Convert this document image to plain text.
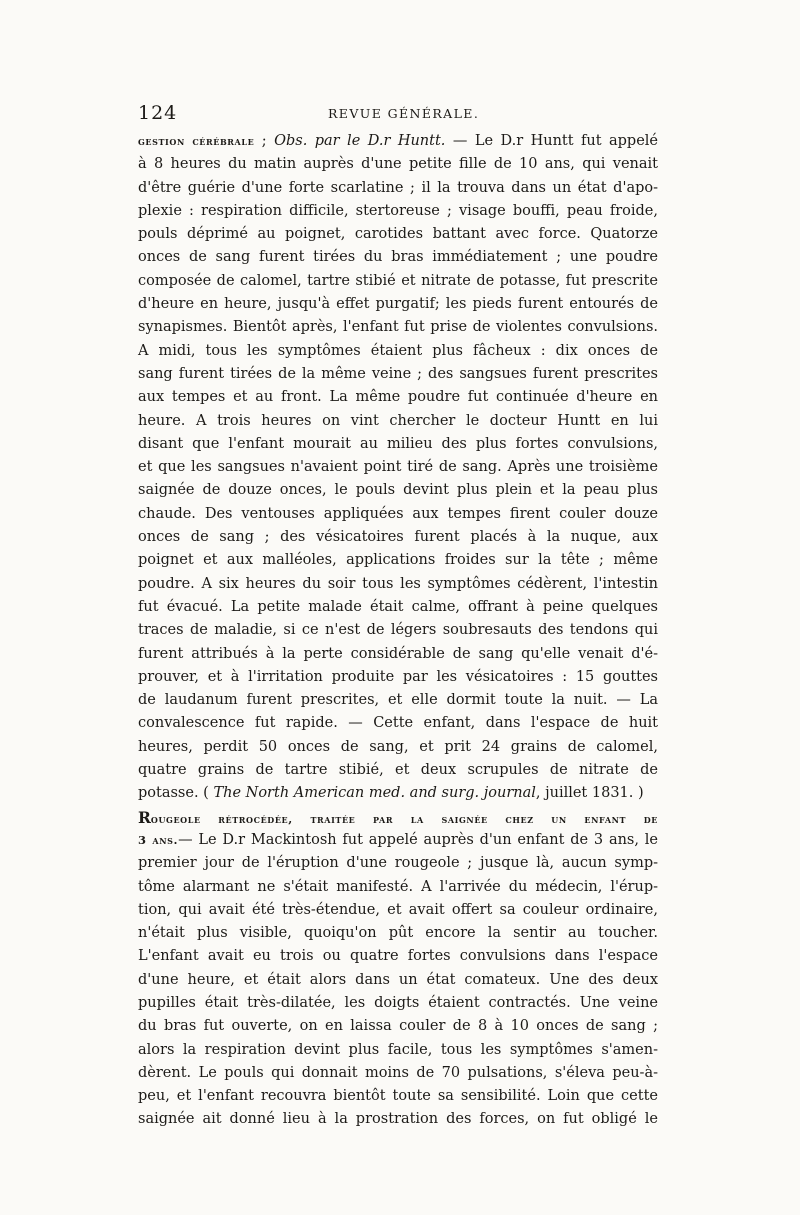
124	REVUE GÉNÉRALE.
gestion cérébrale ; Obs. par le D.r Huntt. — Le D.r Huntt fut appelé
à 8 heures du matin auprès d'une petite fille de 10 ans, qui venait
d'être guérie d'une forte scarlatine ; il la trouva dans un état d'apo-
plexie : respiration difficile, stertoreuse ; visage bouffi, peau froide,
pouls déprimé au poignet, carotides battant avec force. Quatorze
onces de sang furent tirées du bras immédiatement ; une poudre
composée de calomel, tartre stibié et nitrate de potasse, fut prescrite
d'heure en heure, jusqu'à effet purgatif; les pieds furent entourés de
synapismes. Bientôt après, l'enfant fut prise de violentes convulsions.
A midi, tous les symptômes étaient plus fâcheux : dix onces de
sang furent tirées de la même veine ; des sangsues furent prescrites
aux tempes et au front. La même poudre fut continuée d'heure en
heure. A trois heures on vint chercher le docteur Huntt en lui
disant que l'enfant mourait au milieu des plus fortes convulsions,
et que les sangsues n'avaient point tiré de sang. Après une troisième
saignée de douze onces, le pouls devint plus plein et la peau plus
chaude. Des ventouses appliquées aux tempes firent couler douze
onces de sang ; des vésicatoires furent placés à la nuque, aux
poignet et aux malléoles, applications froides sur la tête ; même
poudre. A six heures du soir tous les symptômes cédèrent, l'intestin
fut évacué. La petite malade était calme, offrant à peine quelques
traces de maladie, si ce n'est de légers soubresauts des tendons qui
furent attribués à la perte considérable de sang qu'elle venait d'é-
prouver, et à l'irritation produite par les vésicatoires : 15 gouttes
de laudanum furent prescrites, et elle dormit toute la nuit. — La
convalescence fut rapide. — Cette enfant, dans l'espace de huit
heures, perdit 50 onces de sang, et prit 24 grains de calomel,
quatre grains de tartre stibié, et deux scrupules de nitrate de
potasse. ( The North American med. and surg. journal, juillet 1831. )
Rougeole rétrocédée, traitée par la saignée chez un enfant de
3 ans.— Le D.r Mackintosh fut appelé auprès d'un enfant de 3 ans, le
premier jour de l'éruption d'une rougeole ; jusque là, aucun symp-
tôme alarmant ne s'était manifesté. A l'arrivée du médecin, l'érup-
tion, qui avait été très-étendue, et avait offert sa couleur ordinaire,
n'était plus visible, quoiqu'on pût encore la sentir au toucher.
L'enfant avait eu trois ou quatre fortes convulsions dans l'espace
d'une heure, et était alors dans un état comateux. Une des deux
pupilles était très-dilatée, les doigts étaient contractés. Une veine
du bras fut ouverte, on en laissa couler de 8 à 10 onces de sang ;
alors la respiration devint plus facile, tous les symptômes s'amen-
dèrent. Le pouls qui donnait moins de 70 pulsations, s'éleva peu-à-
peu, et l'enfant recouvra bientôt toute sa sensibilité. Loin que cette
saignée ait donné lieu à la prostration des forces, on fut obligé le
